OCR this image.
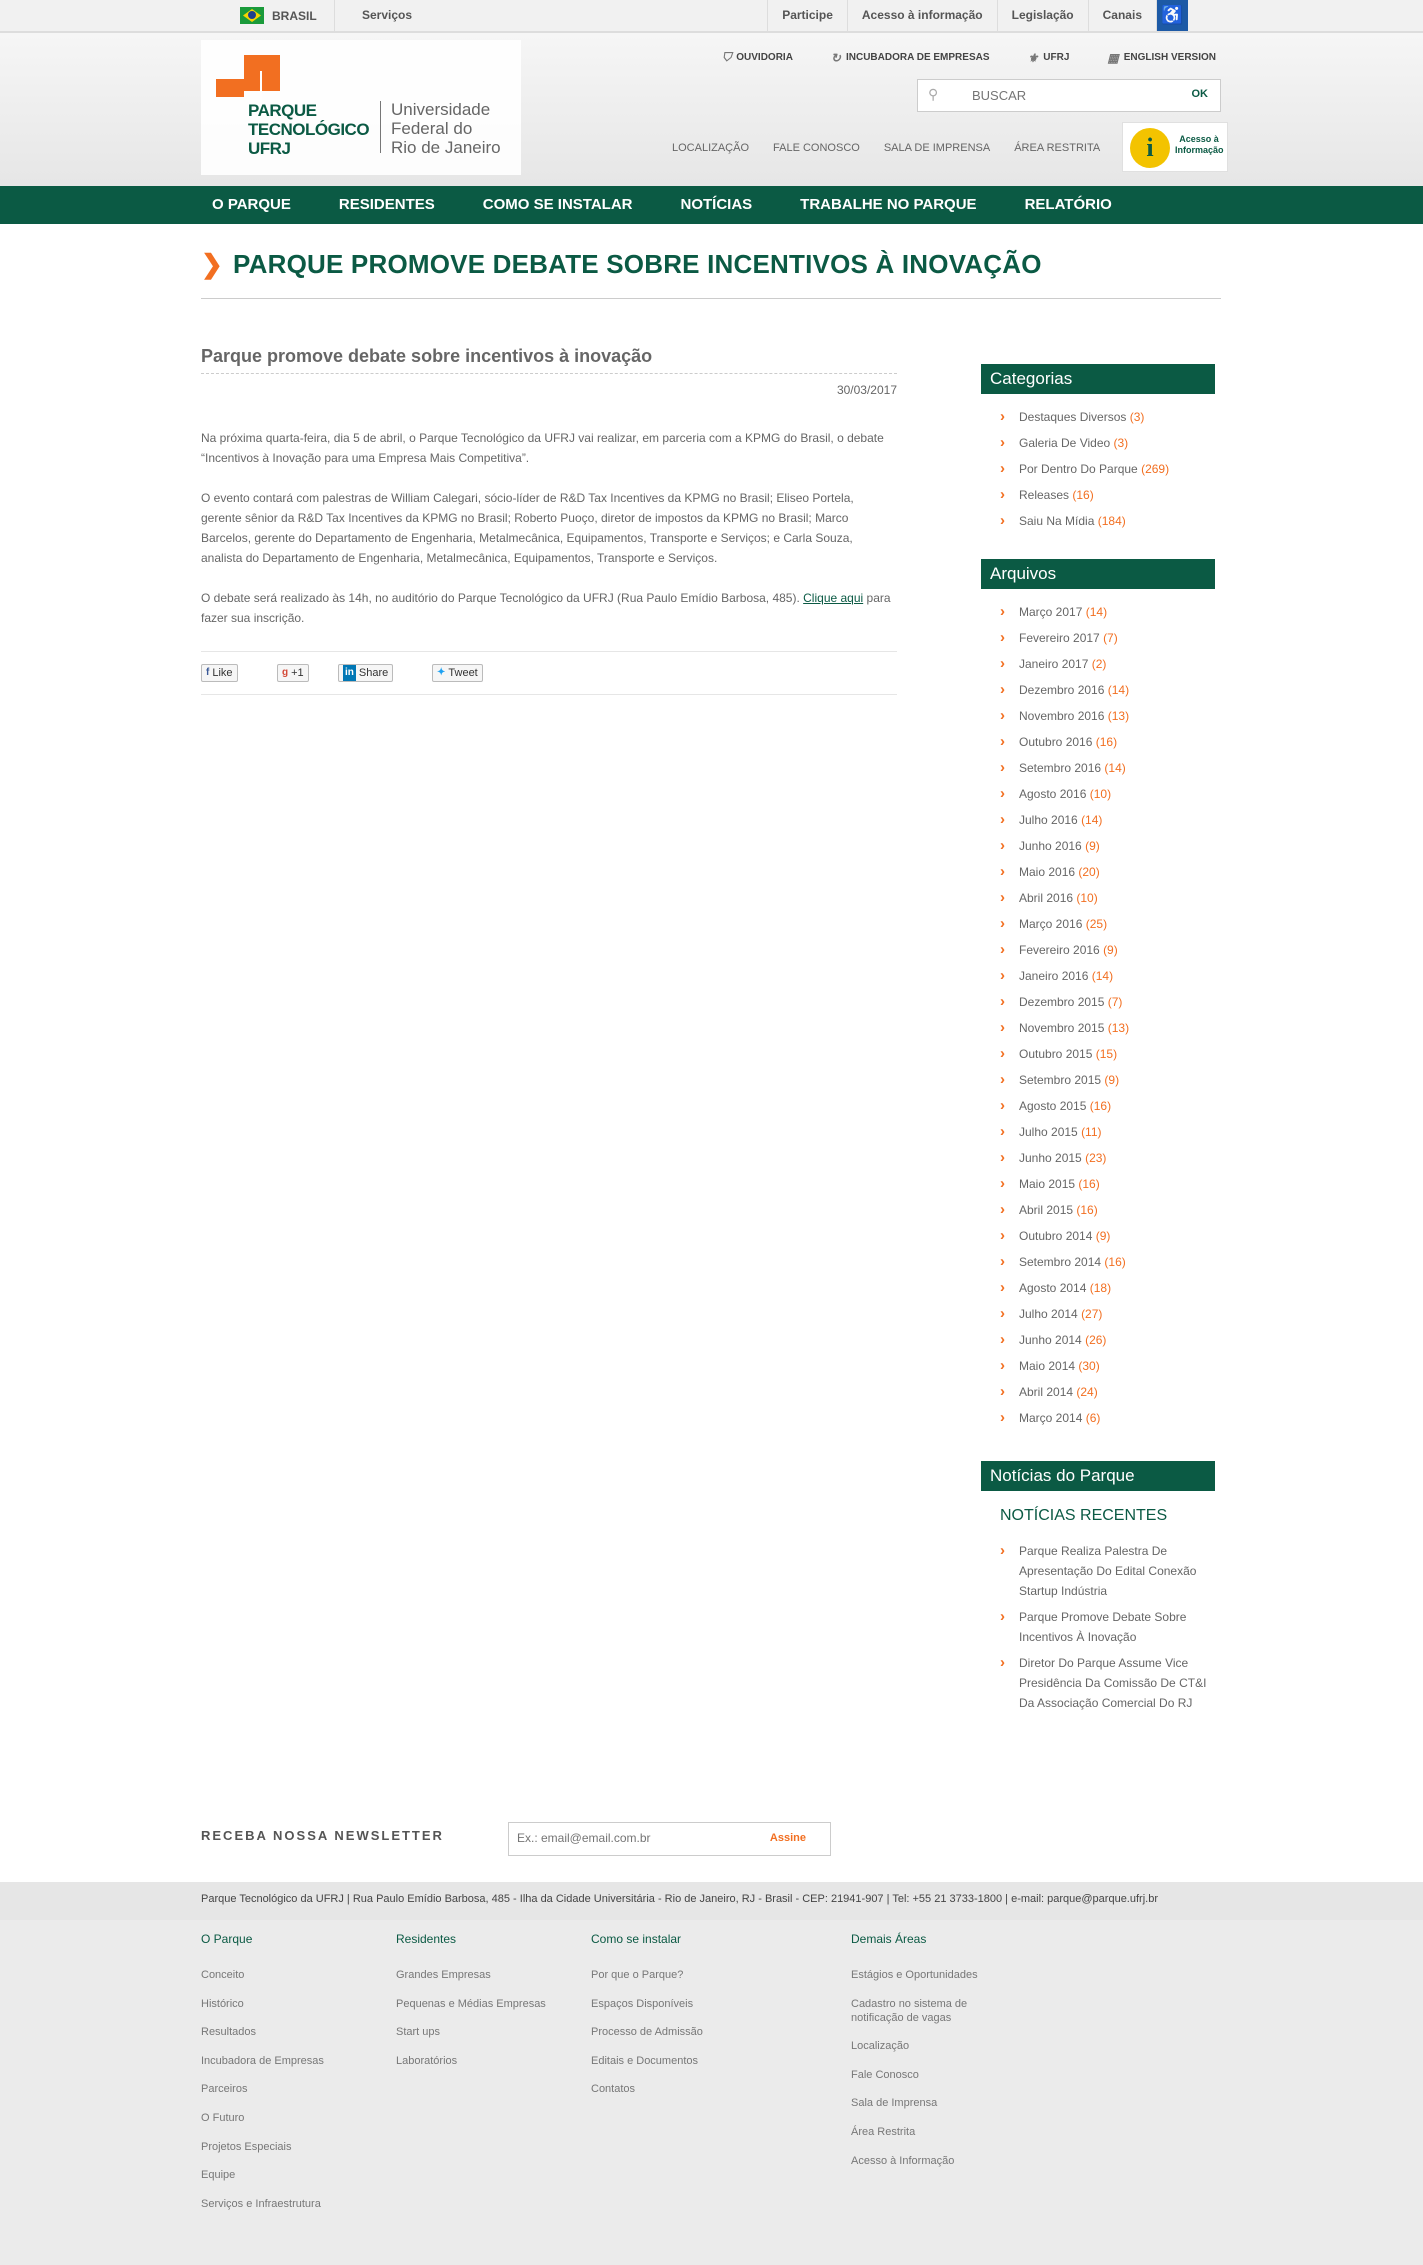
BRASIL	Serviços	Participe	Acesso à informação	Legislação	Canais	♿
PARQUE
TECNOLÓGICO
UFRJ
Universidade
Federal do
Rio de Janeiro
⛉ OUVIDORIA	↻ INCUBADORA DE EMPRESAS	⚜ UFRJ	▦ ENGLISH VERSION
⚲
BUSCAR	OK
LOCALIZAÇÃO FALE CONOSCO SALA DE IMPRENSA ÁREA RESTRITA	i	Acesso à
Informação
O PARQUE	RESIDENTES	COMO SE INSTALAR	NOTÍCIAS	TRABALHE NO PARQUE	RELATÓRIO
❯ PARQUE PROMOVE DEBATE SOBRE INCENTIVOS À INOVAÇÃO
Parque promove debate sobre incentivos à inovação
30/03/2017

Na próxima quarta-feira, dia 5 de abril, o Parque Tecnológico da UFRJ vai realizar, em parceria com a KPMG do Brasil, o debate “Incentivos à Inovação para uma Empresa Mais Competitiva”.

O evento contará com palestras de William Calegari, sócio-líder de R&D Tax Incentives da KPMG no Brasil; Eliseo Portela, gerente sênior da R&D Tax Incentives da KPMG no Brasil; Roberto Puoço, diretor de impostos da KPMG no Brasil; Marco Barcelos, gerente do Departamento de Engenharia, Metalmecânica, Equipamentos, Transporte e Serviços; e Carla Souza, analista do Departamento de Engenharia, Metalmecânica, Equipamentos, Transporte e Serviços.

O debate será realizado às 14h, no auditório do Parque Tecnológico da UFRJ (Rua Paulo Emídio Barbosa, 485). Clique aqui para fazer sua inscrição.

f Like	g +1	in Share	✦ Tweet
Categorias
› Destaques Diversos (3)
› Galeria De Video (3)
› Por Dentro Do Parque (269)
› Releases (16)
› Saiu Na Mídia (184)
Arquivos
› Março 2017 (14)
› Fevereiro 2017 (7)
› Janeiro 2017 (2)
› Dezembro 2016 (14)
› Novembro 2016 (13)
› Outubro 2016 (16)
› Setembro 2016 (14)
› Agosto 2016 (10)
› Julho 2016 (14)
› Junho 2016 (9)
› Maio 2016 (20)
› Abril 2016 (10)
› Março 2016 (25)
› Fevereiro 2016 (9)
› Janeiro 2016 (14)
› Dezembro 2015 (7)
› Novembro 2015 (13)
› Outubro 2015 (15)
› Setembro 2015 (9)
› Agosto 2015 (16)
› Julho 2015 (11)
› Junho 2015 (23)
› Maio 2015 (16)
› Abril 2015 (16)
› Outubro 2014 (9)
› Setembro 2014 (16)
› Agosto 2014 (18)
› Julho 2014 (27)
› Junho 2014 (26)
› Maio 2014 (30)
› Abril 2014 (24)
› Março 2014 (6)
Notícias do Parque
NOTÍCIAS RECENTES
› Parque Realiza Palestra De Apresentação Do Edital Conexão Startup Indústria
› Parque Promove Debate Sobre Incentivos À Inovação
› Diretor Do Parque Assume Vice Presidência Da Comissão De CT&I Da Associação Comercial Do RJ
RECEBA NOSSA NEWSLETTER
Ex.: email@email.com.br	Assine

Parque Tecnológico da UFRJ | Rua Paulo Emídio Barbosa, 485 - Ilha da Cidade Universitária - Rio de Janeiro, RJ - Brasil - CEP: 21941-907 | Tel: +55 21 3733-1800 | e-mail: parque@parque.ufrj.br

O Parque
Conceito
Histórico
Resultados
Incubadora de Empresas
Parceiros
O Futuro
Projetos Especiais
Equipe
Serviços e Infraestrutura
Residentes
Grandes Empresas
Pequenas e Médias Empresas
Start ups
Laboratórios
Como se instalar
Por que o Parque?
Espaços Disponíveis
Processo de Admissão
Editais e Documentos
Contatos
Demais Áreas
Estágios e Oportunidades
Cadastro no sistema de notificação de vagas
Localização
Fale Conosco
Sala de Imprensa
Área Restrita
Acesso à Informação
